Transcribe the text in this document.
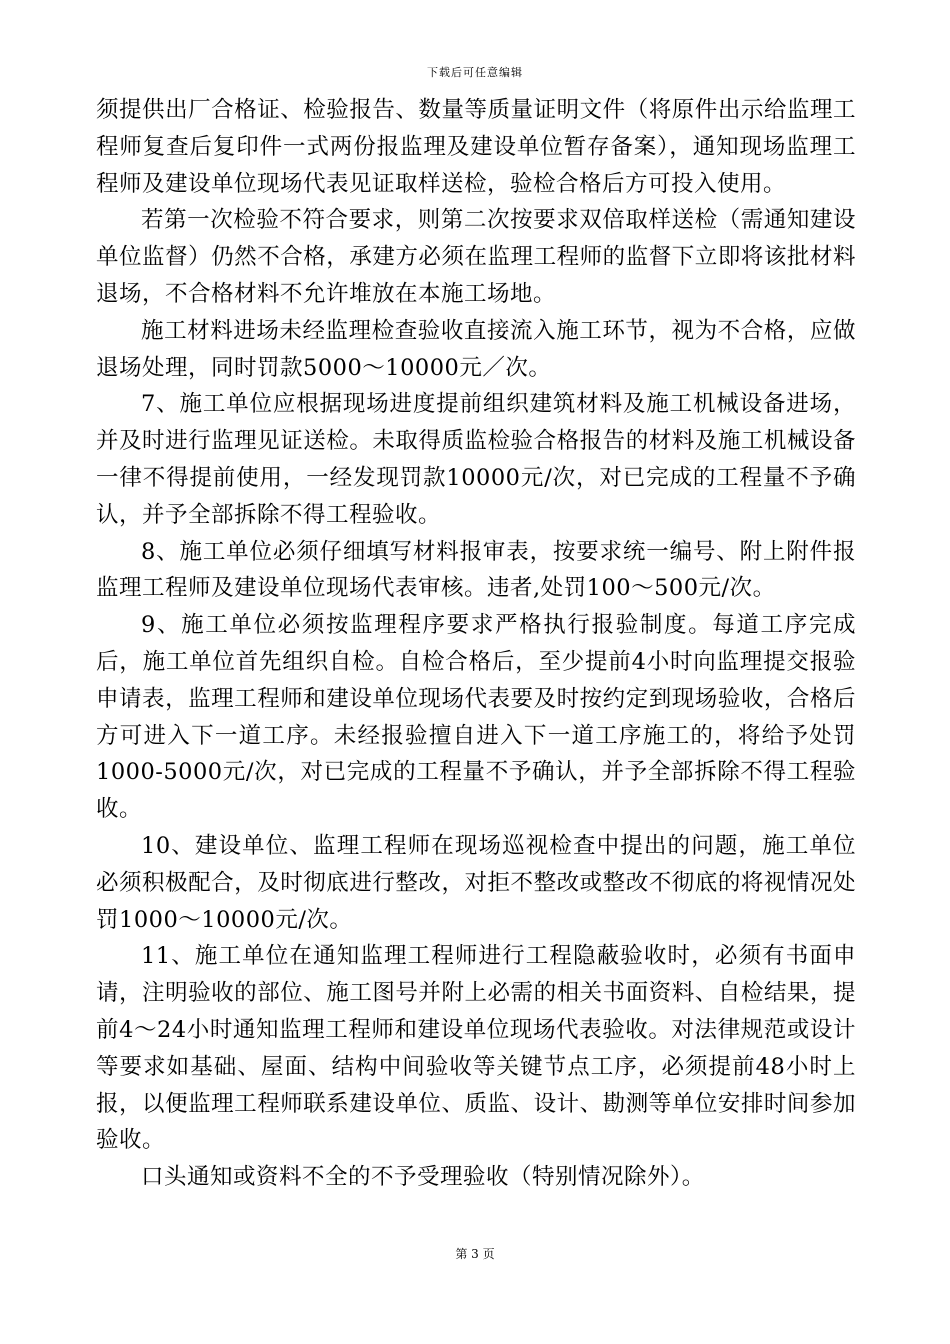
下载后可任意编辑

须提供出厂合格证、检验报告、数量等质量证明文件（将原件出示给监理工程师复查后复印件一式两份报监理及建设单位暂存备案），通知现场监理工程师及建设单位现场代表见证取样送检，验检合格后方可投入使用。

若第一次检验不符合要求，则第二次按要求双倍取样送检（需通知建设单位监督）仍然不合格，承建方必须在监理工程师的监督下立即将该批材料退场，不合格材料不允许堆放在本施工场地。

施工材料进场未经监理检查验收直接流入施工环节，视为不合格，应做退场处理，同时罚款5000～10000元／次。

7、施工单位应根据现场进度提前组织建筑材料及施工机械设备进场，并及时进行监理见证送检。未取得质监检验合格报告的材料及施工机械设备一律不得提前使用，一经发现罚款10000元/次，对已完成的工程量不予确认，并予全部拆除不得工程验收。

8、施工单位必须仔细填写材料报审表，按要求统一编号、附上附件报监理工程师及建设单位现场代表审核。违者,处罚100～500元/次。

9、施工单位必须按监理程序要求严格执行报验制度。每道工序完成后，施工单位首先组织自检。自检合格后，至少提前4小时向监理提交报验申请表，监理工程师和建设单位现场代表要及时按约定到现场验收，合格后方可进入下一道工序。未经报验擅自进入下一道工序施工的，将给予处罚1000-5000元/次，对已完成的工程量不予确认，并予全部拆除不得工程验收。

10、建设单位、监理工程师在现场巡视检查中提出的问题，施工单位必须积极配合，及时彻底进行整改，对拒不整改或整改不彻底的将视情况处罚1000～10000元/次。

11、施工单位在通知监理工程师进行工程隐蔽验收时，必须有书面申请，注明验收的部位、施工图号并附上必需的相关书面资料、自检结果，提前4～24小时通知监理工程师和建设单位现场代表验收。对法律规范或设计等要求如基础、屋面、结构中间验收等关键节点工序，必须提前48小时上报，以便监理工程师联系建设单位、质监、设计、勘测等单位安排时间参加验收。

口头通知或资料不全的不予受理验收（特别情况除外）。

第 3 页
